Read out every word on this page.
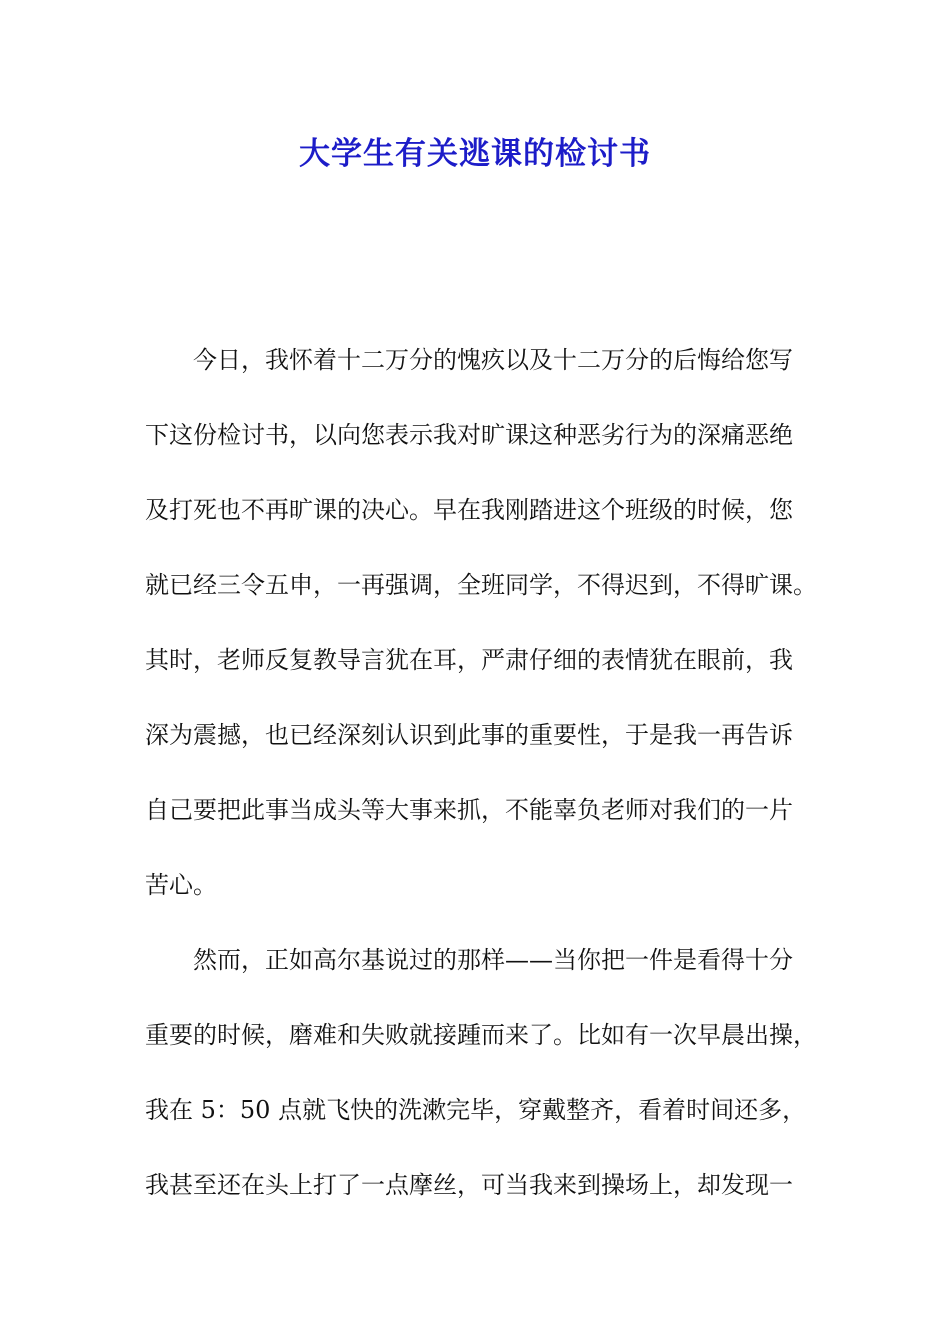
大学生有关逃课的检讨书
今日，我怀着十二万分的愧疚以及十二万分的后悔给您写
下这份检讨书，以向您表示我对旷课这种恶劣行为的深痛恶绝
及打死也不再旷课的决心。早在我刚踏进这个班级的时候，您
就已经三令五申，一再强调，全班同学，不得迟到，不得旷课。
其时，老师反复教导言犹在耳，严肃仔细的表情犹在眼前，我
深为震撼，也已经深刻认识到此事的重要性，于是我一再告诉
自己要把此事当成头等大事来抓，不能辜负老师对我们的一片
苦心。
然而，正如高尔基说过的那样——当你把一件是看得十分
重要的时候，磨难和失败就接踵而来了。比如有一次早晨出操，
我在 5：50 点就飞快的洗漱完毕，穿戴整齐，看着时间还多，
我甚至还在头上打了一点摩丝，可当我来到操场上，却发现一
